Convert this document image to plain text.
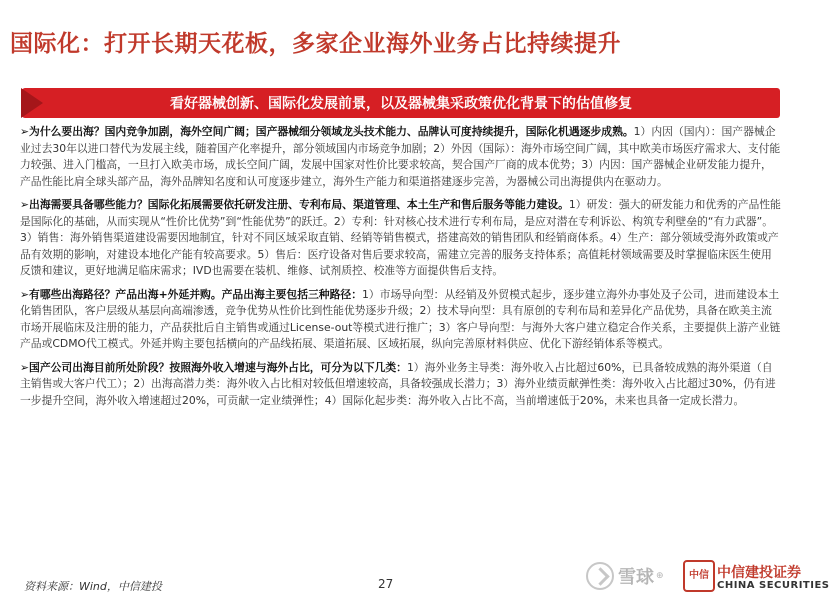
国际化：打开长期天花板，多家企业海外业务占比持续提升
看好器械创新、国际化发展前景，以及器械集采政策优化背景下的估值修复
➢为什么要出海？国内竞争加剧，海外空间广阔；国产器械细分领域龙头技术能力、品牌认可度持续提升，国际化机遇逐步成熟。1）内因（国内）：国产器械企业过去30年以进口替代为发展主线，随着国产化率提升，部分领域国内市场竞争加剧；2）外因（国际）：海外市场空间广阔，其中欧美市场医疗需求大、支付能力较强、进入门槛高，一旦打入欧美市场，成长空间广阔，发展中国家对性价比要求较高，契合国产厂商的成本优势；3）内因：国产器械企业研发能力提升，产品性能比肩全球头部产品，海外品牌知名度和认可度逐步建立，海外生产能力和渠道搭建逐步完善，为器械公司出海提供内在驱动力。
➢出海需要具备哪些能力？国际化拓展需要依托研发注册、专利布局、渠道管理、本土生产和售后服务等能力建设。1）研发：强大的研发能力和优秀的产品性能是国际化的基础，从而实现从“性价比优势”到“性能优势”的跃迁。2）专利：针对核心技术进行专利布局，是应对潜在专利诉讼、构筑专利壁垒的“有力武器”。3）销售：海外销售渠道建设需要因地制宜，针对不同区域采取直销、经销等销售模式，搭建高效的销售团队和经销商体系。4）生产：部分领域受海外政策或产品有效期的影响，对建设本地化产能有较高要求。5）售后：医疗设备对售后要求较高，需建立完善的服务支持体系；高值耗材领域需要及时掌握临床医生使用反馈和建议，更好地满足临床需求；IVD也需要在装机、维修、试剂质控、校准等方面提供售后支持。
➢有哪些出海路径？产品出海+外延并购。产品出海主要包括三种路径：1）市场导向型：从经销及外贸模式起步，逐步建立海外办事处及子公司，进而建设本土化销售团队，客户层级从基层向高端渗透，竞争优势从性价比到性能优势逐步升级；2）技术导向型：具有原创的专利布局和差异化产品优势，具备在欧美主流市场开展临床及注册的能力，产品获批后自主销售或通过License-out等模式进行推广；3）客户导向型：与海外大客户建立稳定合作关系，主要提供上游产业链产品或CDMO代工模式。外延并购主要包括横向的产品线拓展、渠道拓展、区域拓展，纵向完善原材料供应、优化下游经销体系等模式。
➢国产公司出海目前所处阶段？按照海外收入增速与海外占比，可分为以下几类：1）海外业务主导类：海外收入占比超过60%，已具备较成熟的海外渠道（自主销售或大客户代工）；2）出海高潜力类：海外收入占比相对较低但增速较高，具备较强成长潜力；3）海外业绩贡献弹性类：海外收入占比超过30%，仍有进一步提升空间，海外收入增速超过20%，可贡献一定业绩弹性；4）国际化起步类：海外收入占比不高，当前增速低于20%，未来也具备一定成长潜力。
资料来源：Wind，中信建投	27	雪球 ⊕	中信 中信建投证券
CHINA SECURITIES
